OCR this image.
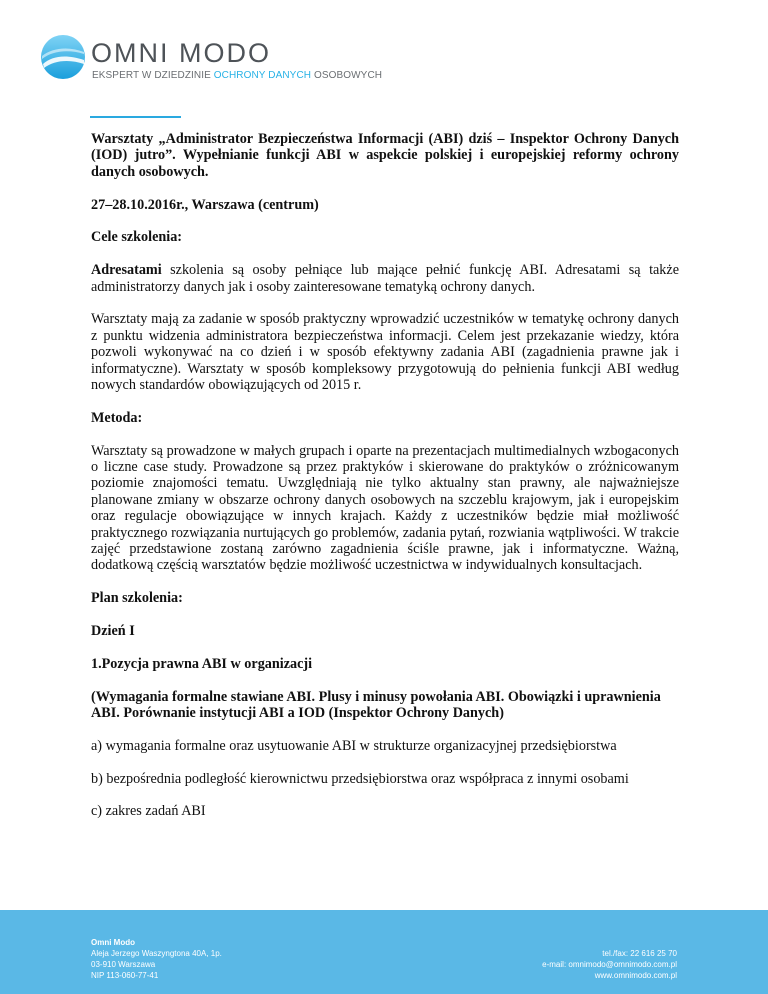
OMNI MODO
EKSPERT W DZIEDZINIE OCHRONY DANYCH OSOBOWYCH

Warsztaty „Administrator Bezpieczeństwa Informacji (ABI) dziś – Inspektor Ochrony Danych (IOD) jutro”. Wypełnianie funkcji ABI w aspekcie polskiej i europejskiej reformy ochrony danych osobowych.

27–28.10.2016r., Warszawa (centrum)

Cele szkolenia:

Adresatami szkolenia są osoby pełniące lub mające pełnić funkcję ABI. Adresatami są także administratorzy danych jak i osoby zainteresowane tematyką ochrony danych.

Warsztaty mają za zadanie w sposób praktyczny wprowadzić uczestników w tematykę ochrony danych z punktu widzenia administratora bezpieczeństwa informacji. Celem jest przekazanie wiedzy, która pozwoli wykonywać na co dzień i w sposób efektywny zadania ABI (zagadnienia prawne jak i informatyczne). Warsztaty w sposób kompleksowy przygotowują do pełnienia funkcji ABI według nowych standardów obowiązujących od 2015 r.

Metoda:

Warsztaty są prowadzone w małych grupach i oparte na prezentacjach multimedialnych wzbogaconych o liczne case study. Prowadzone są przez praktyków i skierowane do praktyków o zróżnicowanym poziomie znajomości tematu. Uwzględniają nie tylko aktualny stan prawny, ale najważniejsze planowane zmiany w obszarze ochrony danych osobowych na szczeblu krajowym, jak i europejskim oraz regulacje obowiązujące w innych krajach. Każdy z uczestników będzie miał możliwość praktycznego rozwiązania nurtujących go problemów, zadania pytań, rozwiania wątpliwości. W trakcie zajęć przedstawione zostaną zarówno zagadnienia ściśle prawne, jak i informatyczne. Ważną, dodatkową częścią warsztatów będzie możliwość uczestnictwa w indywidualnych konsultacjach.

Plan szkolenia:

Dzień I

1.Pozycja prawna ABI w organizacji

(Wymagania formalne stawiane ABI. Plusy i minusy powołania ABI. Obowiązki i uprawnienia ABI. Porównanie instytucji ABI a IOD (Inspektor Ochrony Danych)

a) wymagania formalne oraz usytuowanie ABI w strukturze organizacyjnej przedsiębiorstwa

b) bezpośrednia podległość kierownictwu przedsiębiorstwa oraz współpraca z innymi osobami

c) zakres zadań ABI

Omni Modo
Aleja Jerzego Waszyngtona 40A, 1p.
03-910 Warszawa
NIP 113-060-77-41
tel./fax: 22 616 25 70
e-mail: omnimodo@omnimodo.com.pl
www.omnimodo.com.pl
